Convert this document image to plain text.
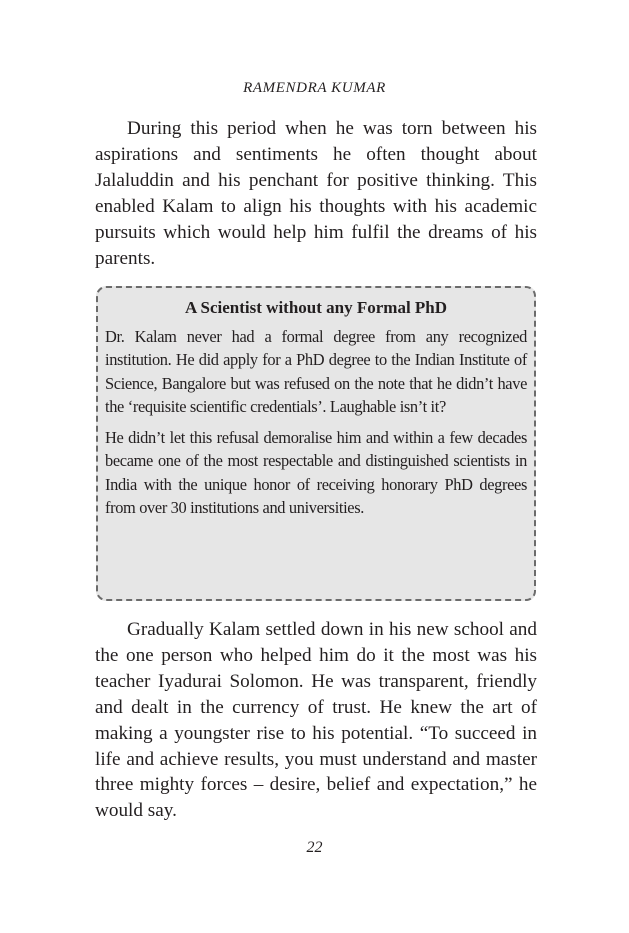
RAMENDRA KUMAR

During this period when he was torn between his aspirations and sentiments he often thought about Jalaluddin and his penchant for positive thinking. This enabled Kalam to align his thoughts with his academic pursuits which would help him fulfil the dreams of his parents.

A Scientist without any Formal PhD

Dr. Kalam never had a formal degree from any recognized institution. He did apply for a PhD degree to the Indian Institute of Science, Bangalore but was refused on the note that he didn’t have the ‘requisite scientific credentials’. Laughable isn’t it?

He didn’t let this refusal demoralise him and within a few decades became one of the most respectable and distinguished scientists in India with the unique honor of receiving honorary PhD degrees from over 30 institutions and universities.

Gradually Kalam settled down in his new school and the one person who helped him do it the most was his teacher Iyadurai Solomon. He was transparent, friendly and dealt in the currency of trust. He knew the art of making a youngster rise to his potential. “To succeed in life and achieve results, you must understand and master three mighty forces – desire, belief and expectation,” he would say.

22
